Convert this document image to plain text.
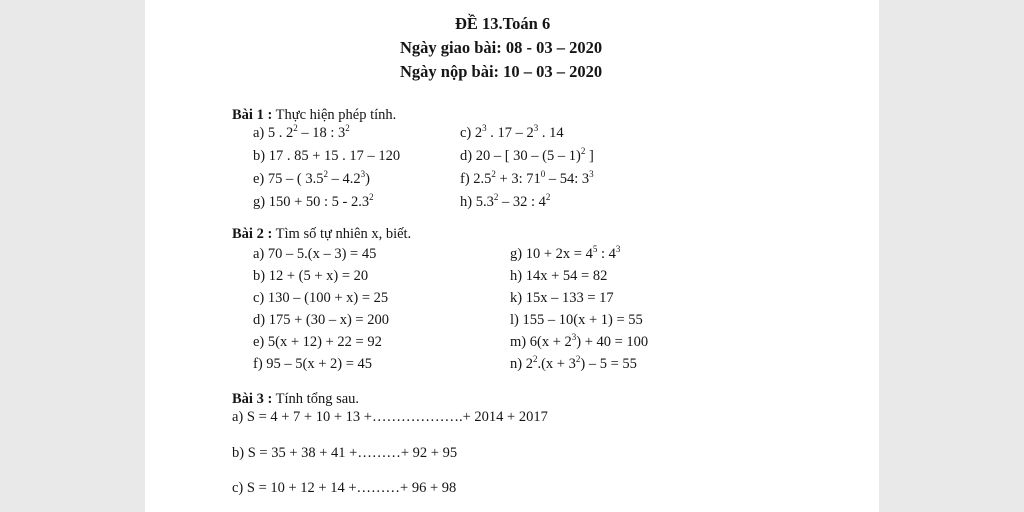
ĐỀ 13.Toán 6
Ngày giao bài: 08 - 03 – 2020
Ngày nộp bài: 10 – 03 – 2020
Bài 1 : Thực hiện phép tính.
a) 5 . $2^2 - 18$ : $3^2$	c) $2^3$ . $17 - 2^3$ . 14
b) 17 . 85 + 15 . 17 – 120	d) 20 – [ 30 – (5 – 1)$^2$ ]
e) 75 – ( $3.5^2 - 4.2^3$)	f) $2.5^2 + 3$: $71^0 - 54$: $3^3$
g) 150 + 50 : $5 - 2.3^2$	h) $5.3^2 - 32$ : $4^2$
Bài 2 : Tìm số tự nhiên x, biết.
a) 70 – 5.(x – 3) = 45	g) $10 + 2x = 4^5$ : $4^3$
b) 12 + (5 + x) = 20	h) 14x + 54 = 82
c) 130 – (100 + x) = 25	k) 15x – 133 = 17
d) 175 + (30 – x) = 200	l) 155 – 10(x + 1) = 55
e) 5(x + 12) + 22 = 92	m) $6(x + 2^3) + 40 = 100$
f) 95 – 5(x + 2) = 45	n) $2^2.(x + 3^2) - 5 = 55$
Bài 3 : Tính tổng sau.
a) S = 4 + 7 + 10 + 13 +……………….+ 2014 + 2017
b) S = 35 + 38 + 41 +………+ 92 + 95
c) S = 10 + 12 + 14 +………+ 96 + 98
